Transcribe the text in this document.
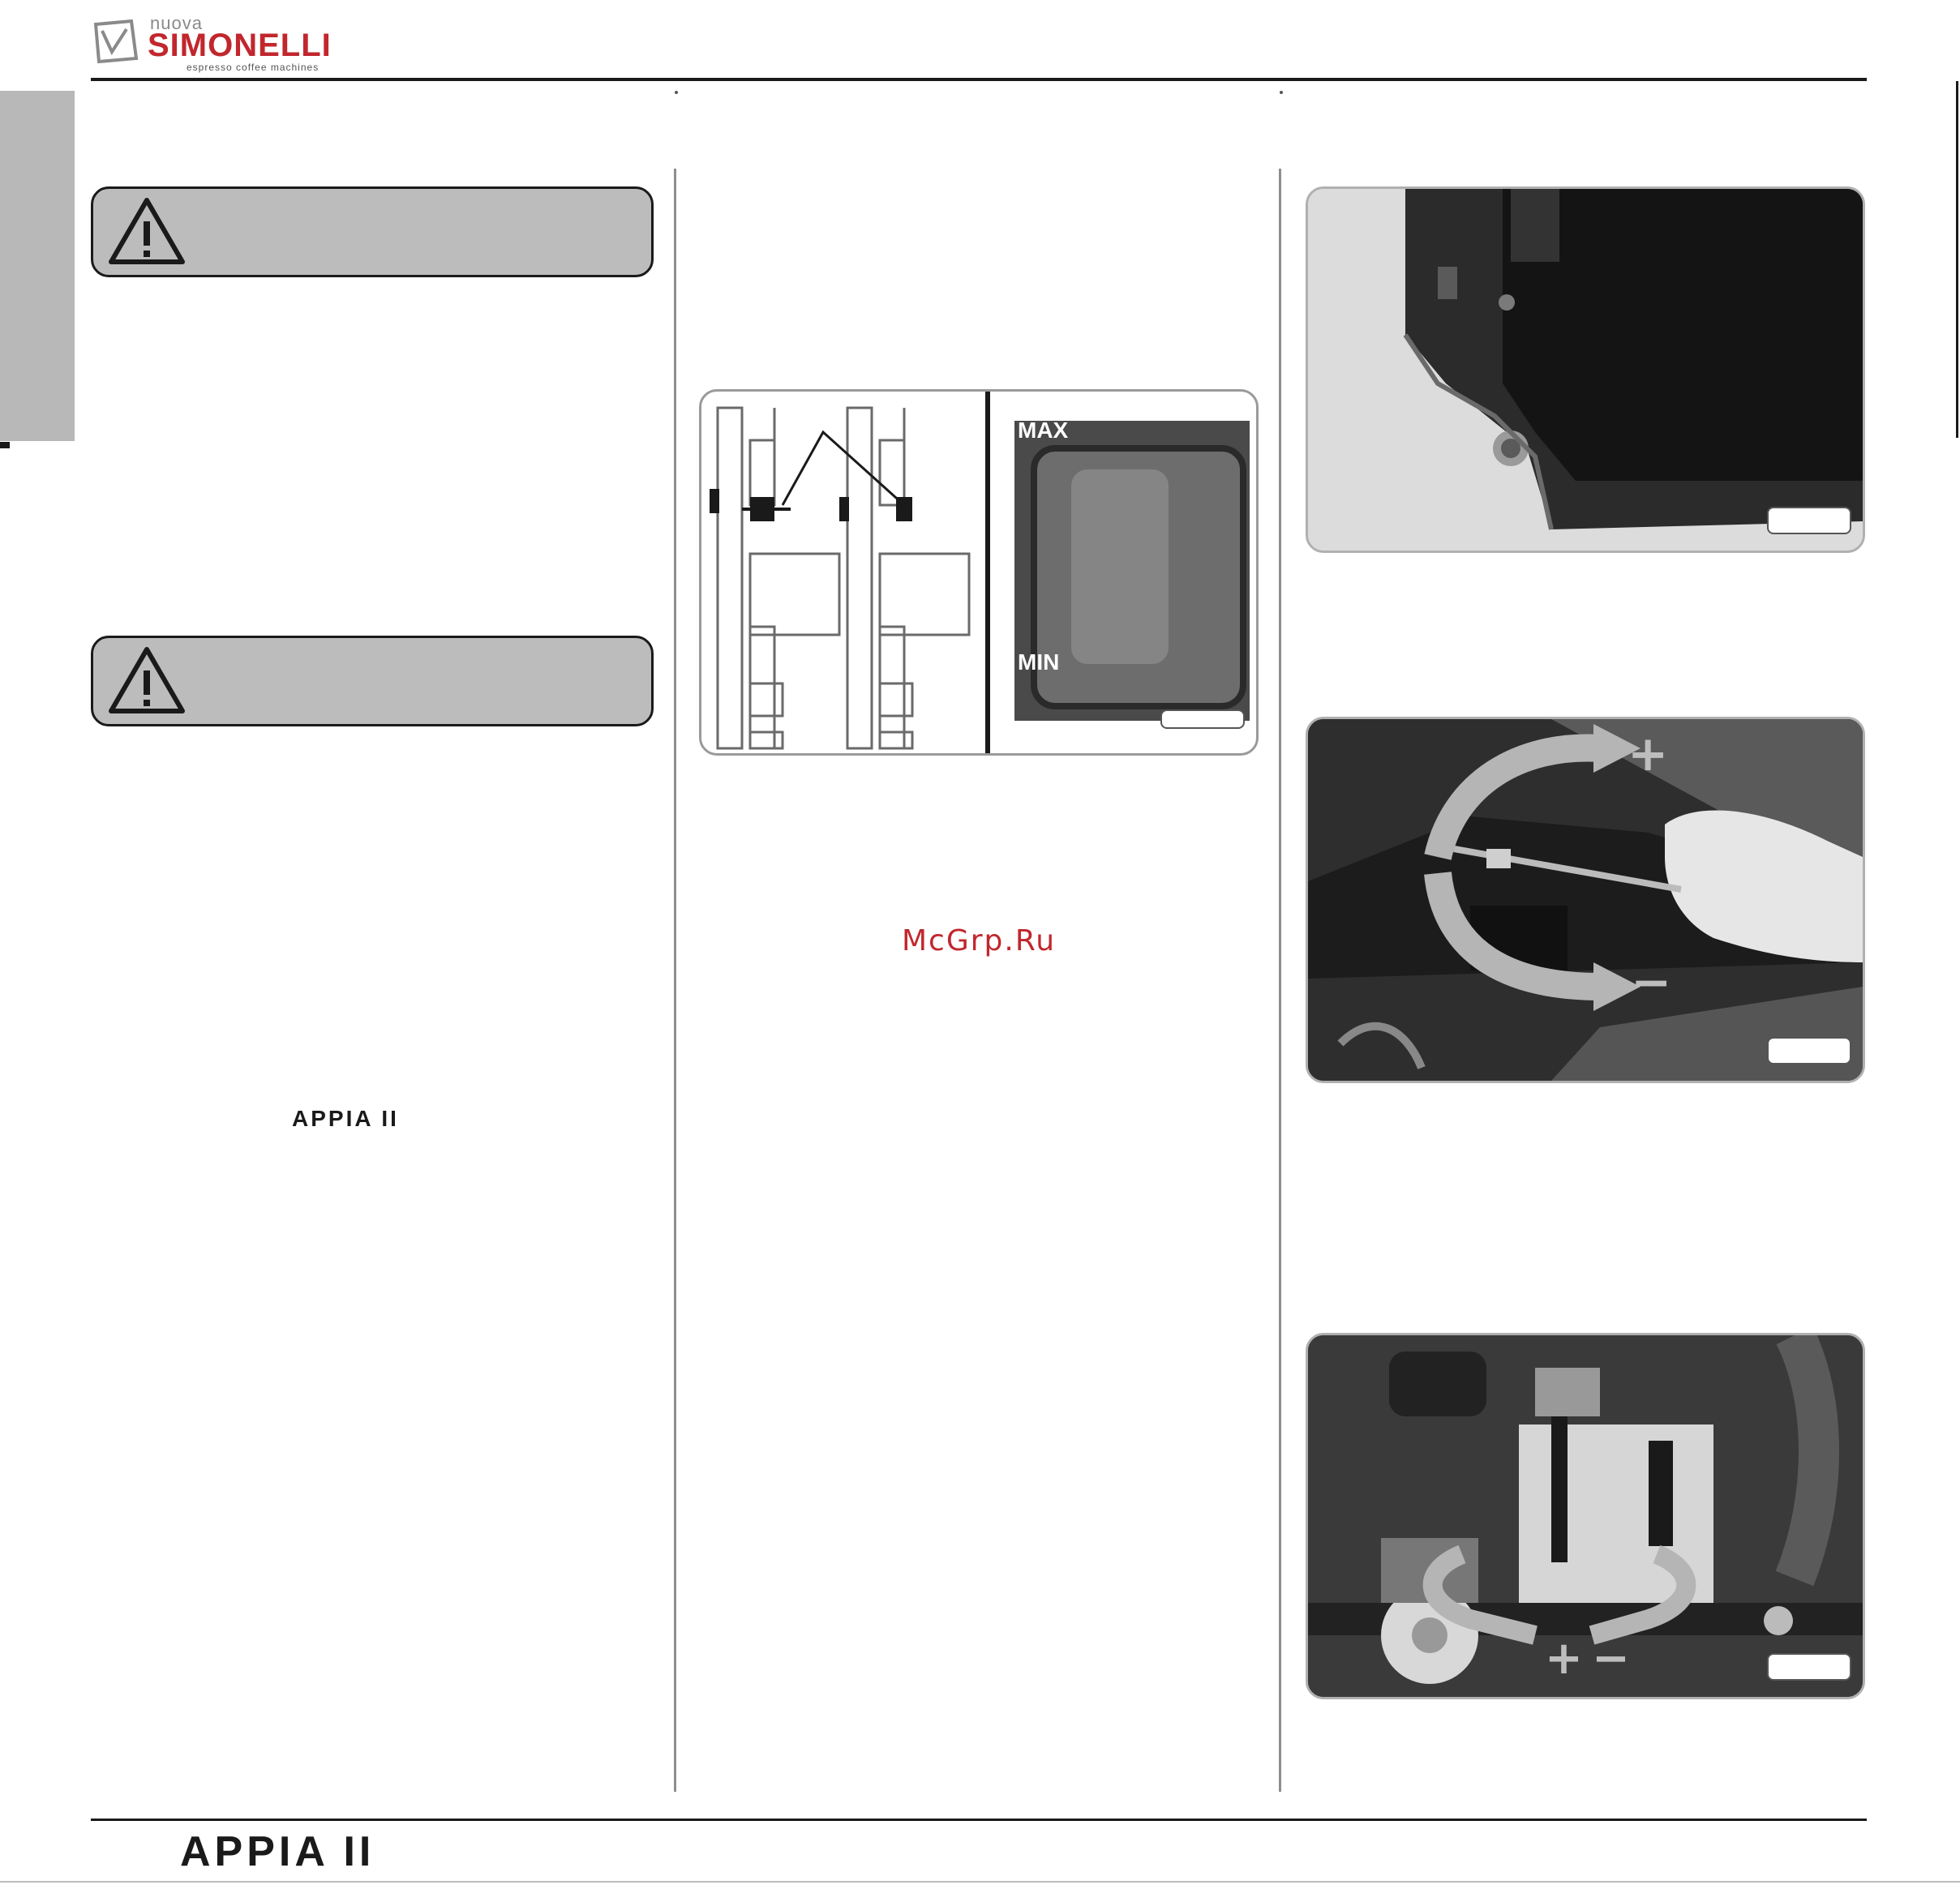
nuova
SIMONELLI
espresso coffee machines
APPIA II
MAX
MIN
McGrp.Ru
+
−
+ −
APPIA II
